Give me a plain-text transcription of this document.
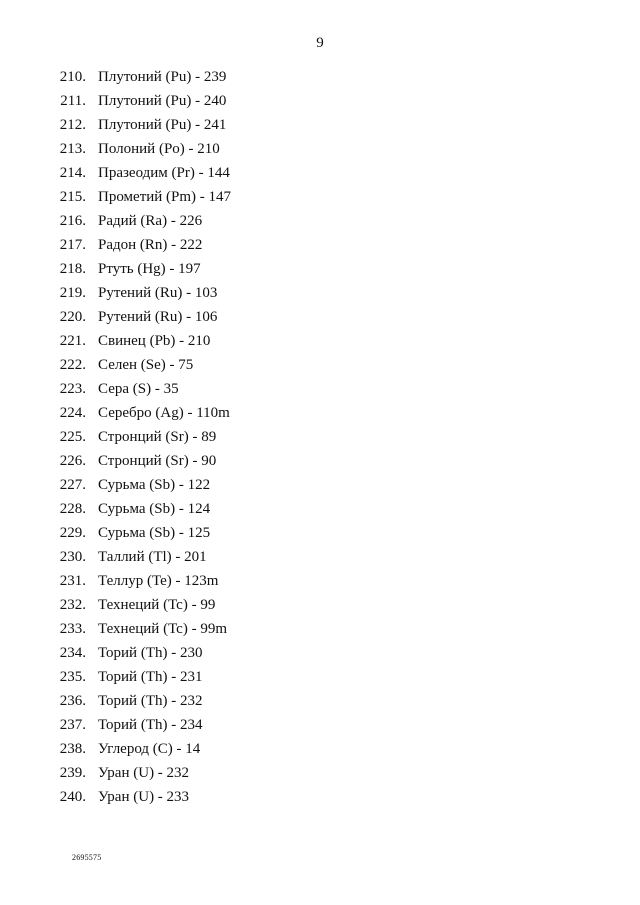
9
210. Плутоний (Pu) - 239
211. Плутоний (Pu) - 240
212. Плутоний (Pu) - 241
213. Полоний (Po) - 210
214. Празеодим (Pr) - 144
215. Прометий (Pm) - 147
216. Радий (Ra) - 226
217. Радон (Rn) - 222
218. Ртуть (Hg) - 197
219. Рутений (Ru) - 103
220. Рутений (Ru) - 106
221. Свинец (Pb) - 210
222. Селен (Se) - 75
223. Сера (S) - 35
224. Серебро (Ag) - 110m
225. Стронций (Sr) - 89
226. Стронций (Sr) - 90
227. Сурьма (Sb) - 122
228. Сурьма (Sb) - 124
229. Сурьма (Sb) - 125
230. Таллий (Tl) - 201
231. Теллур (Te) - 123m
232. Технеций (Tc) - 99
233. Технеций (Tc) - 99m
234. Торий (Th) - 230
235. Торий (Th) - 231
236. Торий (Th) - 232
237. Торий (Th) - 234
238. Углерод (C) - 14
239. Уран (U) - 232
240. Уран (U) - 233
2695575
